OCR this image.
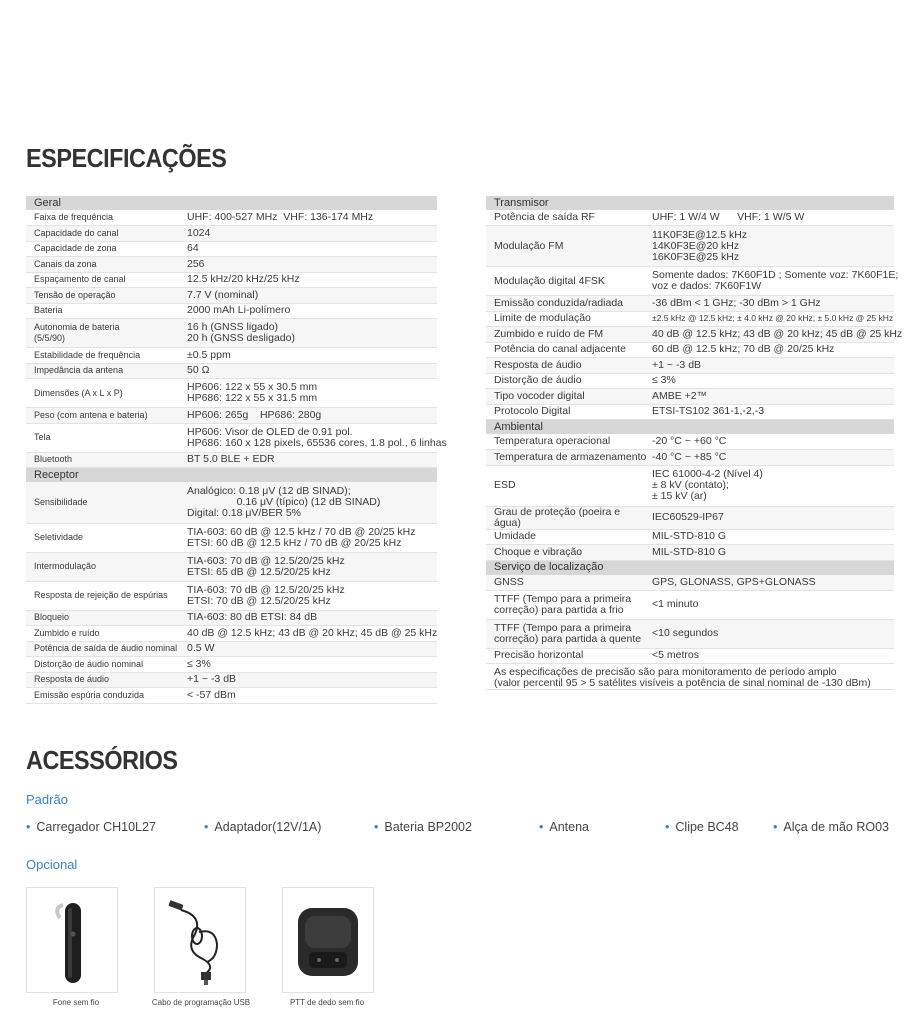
ESPECIFICAÇÕES
Geral	
Faixa de frequência	UHF: 400-527 MHz  VHF: 136-174 MHz
Capacidade do canal	1024
Capacidade de zona	64
Canais da zona	256
Espaçamento de canal	12.5 kHz/20 kHz/25 kHz
Tensão de operação	7.7 V (nominal)
Bateria	2000 mAh Li-polímero
Autonomia de bateria
(5/5/90)	16 h (GNSS ligado)
20 h (GNSS desligado)
Estabilidade de frequência	±0.5 ppm
Impedância da antena	50 Ω
Dimensões (A x L x P)	HP606: 122 x 55 x 30.5 mm
HP686: 122 x 55 x 31.5 mm
Peso (com antena e bateria)	HP606: 265g    HP686: 280g
Tela	HP606: Visor de OLED de 0.91 pol.
HP686: 160 x 128 pixels, 65536 cores, 1.8 pol., 6 linhas
Bluetooth	BT 5.0 BLE + EDR
Receptor	
Sensibilidade	Analógico: 0.18 μV (12 dB SINAD);
0.16 μV (típico) (12 dB SINAD)
Digital: 0.18 μV/BER 5%
Seletividade	TIA-603: 60 dB @ 12.5 kHz / 70 dB @ 20/25 kHz
ETSI: 60 dB @ 12.5 kHz / 70 dB @ 20/25 kHz
Intermodulação	TIA-603: 70 dB @ 12.5/20/25 kHz
ETSI: 65 dB @ 12.5/20/25 kHz
Resposta de rejeição de espúrias	TIA-603: 70 dB @ 12.5/20/25 kHz
ETSI: 70 dB @ 12.5/20/25 kHz
Bloqueio	TIA-603: 80 dB ETSI: 84 dB
Zumbido e ruído	40 dB @ 12.5 kHz; 43 dB @ 20 kHz; 45 dB @ 25 kHz
Potência de saída de áudio nominal	0.5 W
Distorção de áudio nominal	≤ 3%
Resposta de áudio	+1 ~ -3 dB
Emissão espúria conduzida	< -57 dBm
Transmisor	
Potência de saída RF	UHF: 1 W/4 W      VHF: 1 W/5 W
Modulação FM	11K0F3E@12.5 kHz
14K0F3E@20 kHz
16K0F3E@25 kHz
Modulação digital 4FSK	Somente dados: 7K60F1D ; Somente voz: 7K60F1E;
voz e dados: 7K60F1W
Emissão conduzida/radiada	-36 dBm < 1 GHz; -30 dBm > 1 GHz
Limite de modulação	±2.5 kHz @ 12.5 kHz; ± 4.0 kHz @ 20 kHz; ± 5.0 kHz @ 25 kHz
Zumbido e ruído de FM	40 dB @ 12.5 kHz; 43 dB @ 20 kHz; 45 dB @ 25 kHz
Potência do canal adjacente	60 dB @ 12.5 kHz; 70 dB @ 20/25 kHz
Resposta de áudio	+1 ~ -3 dB
Distorção de áudio	≤ 3%
Tipo vocoder digital	AMBE +2™
Protocolo Digital	ETSI-TS102 361-1,-2,-3
Ambiental	
Temperatura operacional	-20 °C ~ +60 °C
Temperatura de armazenamento	-40 °C ~ +85 °C
ESD	IEC 61000-4-2 (Nível 4)
± 8 kV (contato);
± 15 kV (ar)
Grau de proteção (poeira e água)	IEC60529-IP67
Umidade	MIL-STD-810 G
Choque e vibração	MIL-STD-810 G
Serviço de localização	
GNSS	GPS, GLONASS, GPS+GLONASS
TTFF (Tempo para a primeira
correção) para partida a frio	<1 minuto
TTFF (Tempo para a primeira
correção) para partida a quente	<10 segundos
Precisão horizontal	<5 metros
As especificações de precisão são para monitoramento de período amplo
(valor percentil 95 > 5 satélites visíveis a potência de sinal nominal de -130 dBm)	
ACESSÓRIOS
Padrão
• Carregador CH10L27	• Adaptador(12V/1A)	• Bateria BP2002	• Antena	• Clipe BC48	• Alça de mão RO03
Opcional
Fone sem fio	Cabo de programação USB	PTT de dedo sem fio
